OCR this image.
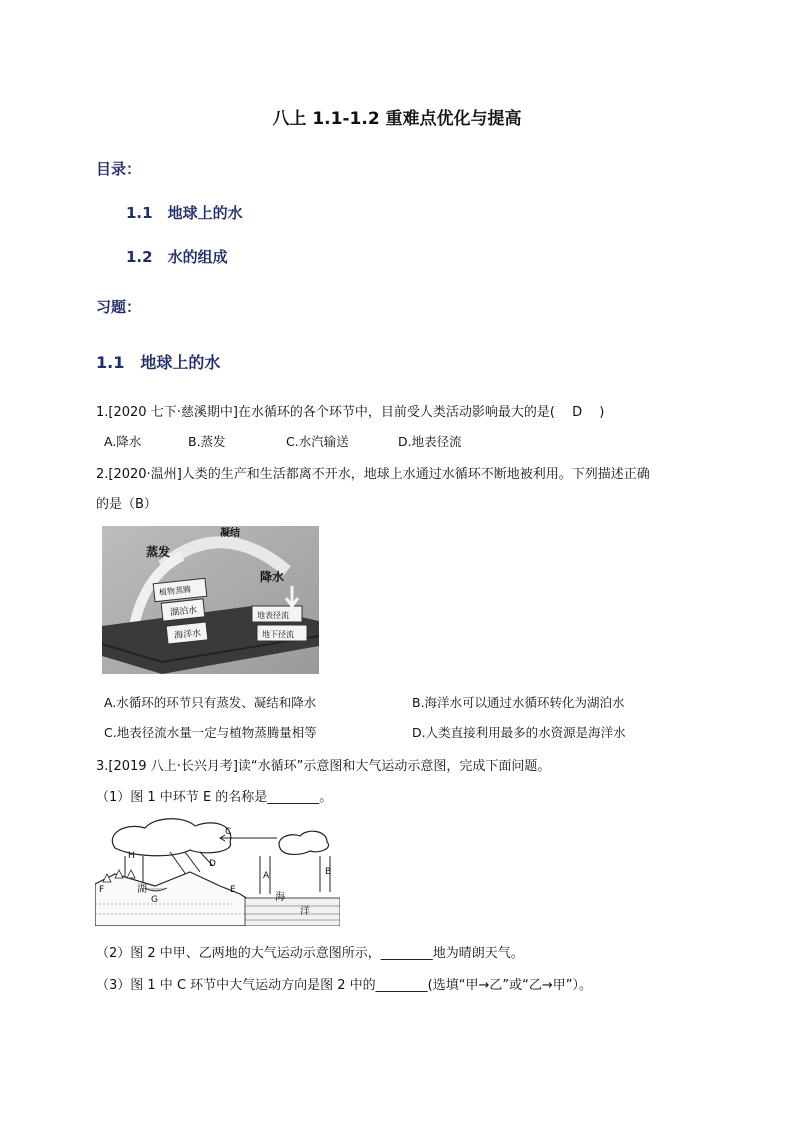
八上 1.1-1.2 重难点优化与提高
目录：
1.1　地球上的水
1.2　水的组成
习题：
1.1　地球上的水
1.[2020 七下·慈溪期中]在水循环的各个环节中，目前受人类活动影响最大的是(　 D　 )
A.降水	B.蒸发	C.水汽输送	D.地表径流
2.[2020·温州]人类的生产和生活都离不开水，地球上水通过水循环不断地被利用。下列描述正确
的是（B）
凝结
蒸发
降水
植物蒸腾
湖泊水
海洋水
地表径流
地下径流
A.水循环的环节只有蒸发、凝结和降水	B.海洋水可以通过水循环转化为湖泊水
C.地表径流水量一定与植物蒸腾量相等	D.人类直接利用最多的水资源是海洋水
3.[2019 八上·长兴月考]读“水循环”示意图和大气运动示意图，完成下面问题。
（1）图 1 中环节 E 的名称是________。
C
D
H
F
G
E
A	B
湖
海
洋
（2）图 2 中甲、乙两地的大气运动示意图所示，________地为晴朗天气。
（3）图 1 中 C 环节中大气运动方向是图 2 中的________(选填“甲→乙”或“乙→甲”）。
